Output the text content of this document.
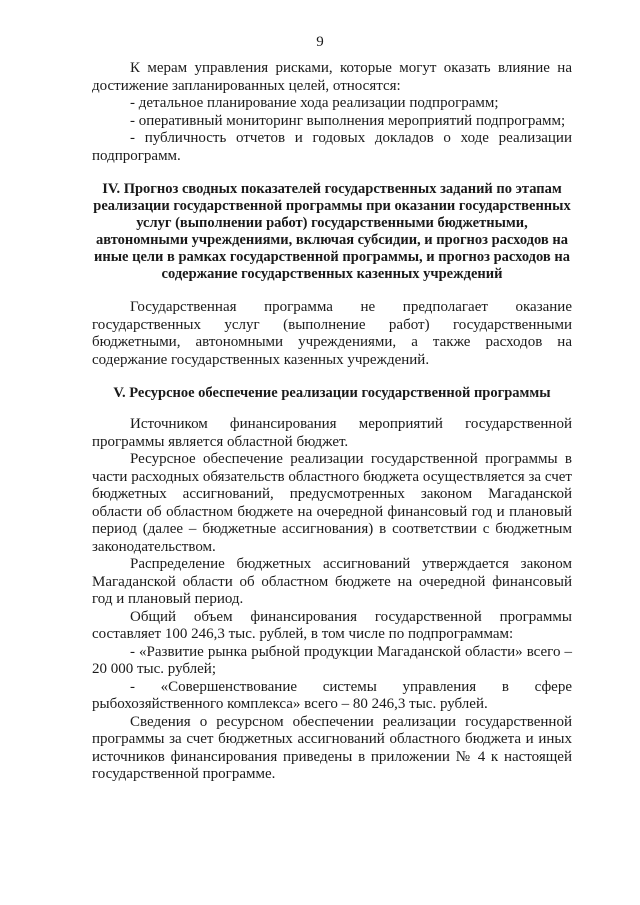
9

К мерам управления рисками, которые могут оказать влияние на достижение запланированных целей, относятся:

- детальное планирование хода реализации подпрограмм;

- оперативный мониторинг выполнения мероприятий подпрограмм;

- публичность отчетов и годовых докладов о ходе реализации подпрограмм.

IV. Прогноз сводных показателей государственных заданий по этапам реализации государственной программы при оказании государственных услуг (выполнении работ) государственными бюджетными, автономными учреждениями, включая субсидии, и прогноз расходов на иные цели в рамках государственной программы, и прогноз расходов на содержание государственных казенных учреждений

Государственная программа не предполагает оказание государственных услуг (выполнение работ) государственными бюджетными, автономными учреждениями, а также расходов на содержание государственных казенных учреждений.

V. Ресурсное обеспечение реализации государственной программы

Источником финансирования мероприятий государственной программы является областной бюджет.

Ресурсное обеспечение реализации государственной программы в части расходных обязательств областного бюджета осуществляется за счет бюджетных ассигнований, предусмотренных законом Магаданской области об областном бюджете на очередной финансовый год и плановый период (далее – бюджетные ассигнования) в соответствии с бюджетным законодательством.

Распределение бюджетных ассигнований утверждается законом Магаданской области об областном бюджете на очередной финансовый год и плановый период.

Общий объем финансирования государственной программы составляет 100 246,3 тыс. рублей, в том числе по подпрограммам:

- «Развитие рынка рыбной продукции Магаданской области» всего – 20 000 тыс. рублей;

- «Совершенствование системы управления в сфере рыбохозяйственного комплекса» всего – 80 246,3 тыс. рублей.

Сведения о ресурсном обеспечении реализации государственной программы за счет бюджетных ассигнований областного бюджета и иных источников финансирования приведены в приложении № 4 к настоящей государственной программе.
